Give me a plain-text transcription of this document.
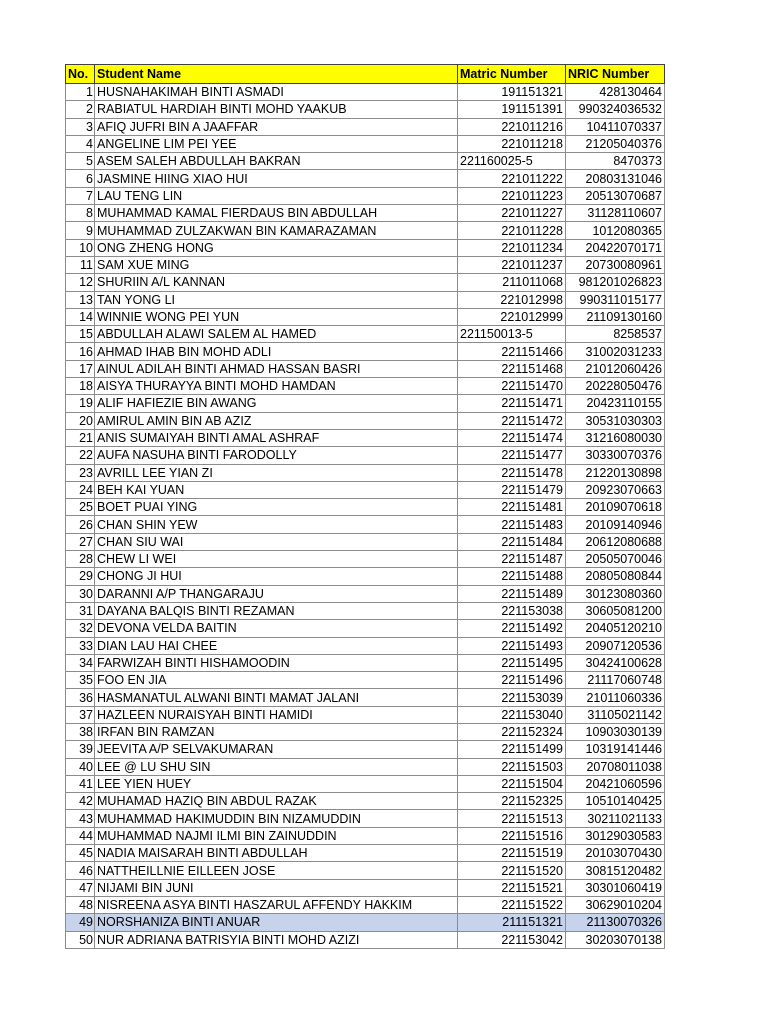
No.	Student Name	Matric Number	NRIC Number
1	HUSNAHAKIMAH BINTI ASMADI	191151321	428130464
2	RABIATUL HARDIAH BINTI MOHD YAAKUB	191151391	990324036532
3	AFIQ JUFRI BIN A JAAFFAR	221011216	10411070337
4	ANGELINE LIM PEI YEE	221011218	21205040376
5	ASEM SALEH ABDULLAH BAKRAN	221160025-5	8470373
6	JASMINE HIING XIAO HUI	221011222	20803131046
7	LAU TENG LIN	221011223	20513070687
8	MUHAMMAD KAMAL FIERDAUS BIN ABDULLAH	221011227	31128110607
9	MUHAMMAD ZULZAKWAN BIN KAMARAZAMAN	221011228	1012080365
10	ONG ZHENG HONG	221011234	20422070171
11	SAM XUE MING	221011237	20730080961
12	SHURIIN A/L KANNAN	211011068	981201026823
13	TAN YONG LI	221012998	990311015177
14	WINNIE WONG PEI YUN	221012999	21109130160
15	ABDULLAH ALAWI SALEM AL HAMED	221150013-5	8258537
16	AHMAD IHAB BIN MOHD ADLI	221151466	31002031233
17	AINUL ADILAH BINTI AHMAD HASSAN BASRI	221151468	21012060426
18	AISYA THURAYYA BINTI MOHD HAMDAN	221151470	20228050476
19	ALIF HAFIEZIE BIN AWANG	221151471	20423110155
20	AMIRUL AMIN BIN AB AZIZ	221151472	30531030303
21	ANIS SUMAIYAH BINTI AMAL ASHRAF	221151474	31216080030
22	AUFA NASUHA BINTI FARODOLLY	221151477	30330070376
23	AVRILL LEE YIAN ZI	221151478	21220130898
24	BEH KAI YUAN	221151479	20923070663
25	BOET PUAI YING	221151481	20109070618
26	CHAN SHIN YEW	221151483	20109140946
27	CHAN SIU WAI	221151484	20612080688
28	CHEW LI WEI	221151487	20505070046
29	CHONG JI HUI	221151488	20805080844
30	DARANNI A/P THANGARAJU	221151489	30123080360
31	DAYANA BALQIS BINTI REZAMAN	221153038	30605081200
32	DEVONA VELDA BAITIN	221151492	20405120210
33	DIAN LAU HAI CHEE	221151493	20907120536
34	FARWIZAH BINTI HISHAMOODIN	221151495	30424100628
35	FOO EN JIA	221151496	21117060748
36	HASMANATUL ALWANI BINTI MAMAT JALANI	221153039	21011060336
37	HAZLEEN NURAISYAH BINTI HAMIDI	221153040	31105021142
38	IRFAN BIN RAMZAN	221152324	10903030139
39	JEEVITA A/P SELVAKUMARAN	221151499	10319141446
40	LEE @ LU SHU SIN	221151503	20708011038
41	LEE YIEN HUEY	221151504	20421060596
42	MUHAMAD HAZIQ BIN ABDUL RAZAK	221152325	10510140425
43	MUHAMMAD HAKIMUDDIN BIN NIZAMUDDIN	221151513	30211021133
44	MUHAMMAD NAJMI ILMI BIN ZAINUDDIN	221151516	30129030583
45	NADIA MAISARAH BINTI ABDULLAH	221151519	20103070430
46	NATTHEILLNIE EILLEEN JOSE	221151520	30815120482
47	NIJAMI BIN JUNI	221151521	30301060419
48	NISREENA ASYA BINTI HASZARUL AFFENDY HAKKIM	221151522	30629010204
49	NORSHANIZA BINTI ANUAR	211151321	21130070326
50	NUR ADRIANA BATRISYIA BINTI MOHD AZIZI	221153042	30203070138
